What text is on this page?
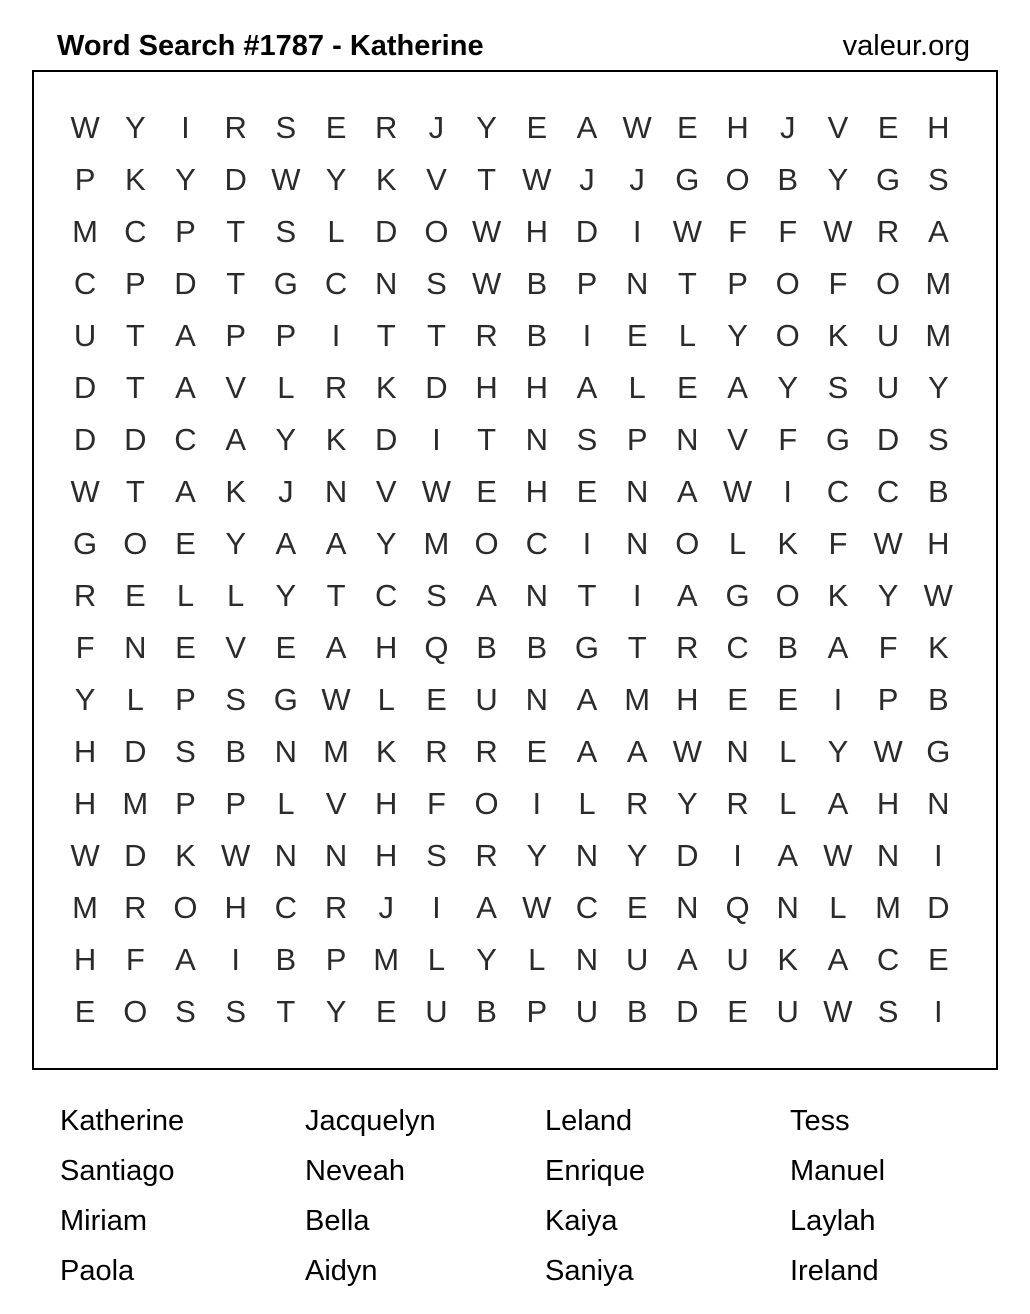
Word Search #1787 - Katherine	valeur.org
W Y	I	R S E R	J	Y E A W E H	J	V E H
P K Y D W Y K V T W J	J G O B Y G S
M C P T S	L D O W H D	I	W F	F W R A
C P D T G C N S W B P N T P O F O M
U T A P P	I	T	T R B	I	E	L	Y O K U M
D T A V	L R K D H H A	L	E A Y S U Y
D D C A Y K D	I	T N S P N V F G D S
W T A K	J	N V W E H E N A W	I	C C B
G O E Y A A Y M O C	I	N O L	K F W H
R E	L	L	Y T C S A N T	I	A G O K Y W
F N E V E A H Q B B G T R C B A F K
Y	L	P S G W L	E U N A M H E E	I	P B
H D S B N M K R R E A A W N L	Y W G
H M P P	L	V H F O	I	L R Y R L	A H N
W D K W N N H S R Y N Y D	I	A W N	I
M R O H C R	J	I	A W C E N Q N L M D
H F A	I	B P M L	Y	L N U A U K A C E
E O S S T Y E U B P U B D E U W S	I
Katherine
Santiago
Miriam
Paola
Jacquelyn
Neveah
Bella
Aidyn
Leland
Enrique
Kaiya
Saniya
Tess
Manuel
Laylah
Ireland
